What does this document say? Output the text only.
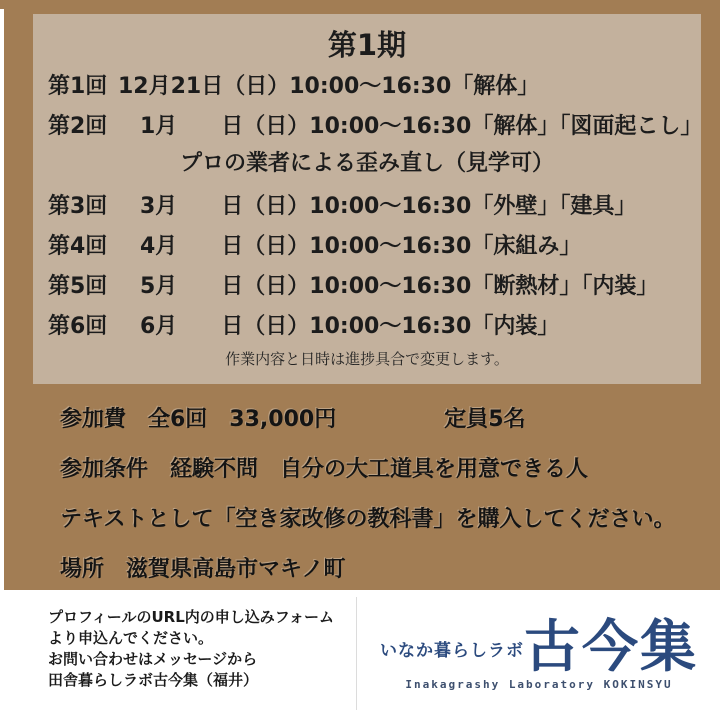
第1期
第1回 12月21日（日）10:00～16:30「解体」
第2回 　1月　　日（日）10:00～16:30「解体」「図面起こし」
プロの業者による歪み直し（見学可）
第3回 　3月　　日（日）10:00～16:30「外壁」「建具」
第4回 　4月　　日（日）10:00～16:30「床組み」
第5回 　5月　　日（日）10:00～16:30「断熱材」「内装」
第6回 　6月　　日（日）10:00～16:30「内装」
作業内容と日時は進捗具合で変更します。
参加費　全6回　33,000円	定員5名
参加条件　経験不問　自分の大工道具を用意できる人
テキストとして「空き家改修の教科書」を購入してください。
場所　滋賀県高島市マキノ町
プロフィールのURL内の申し込みフォーム
より申込んでください。
お問い合わせはメッセージから
田舎暮らしラボ古今集（福井）
いなか暮らしラボ 古今集
Inakagrashy Laboratory KOKINSYU
